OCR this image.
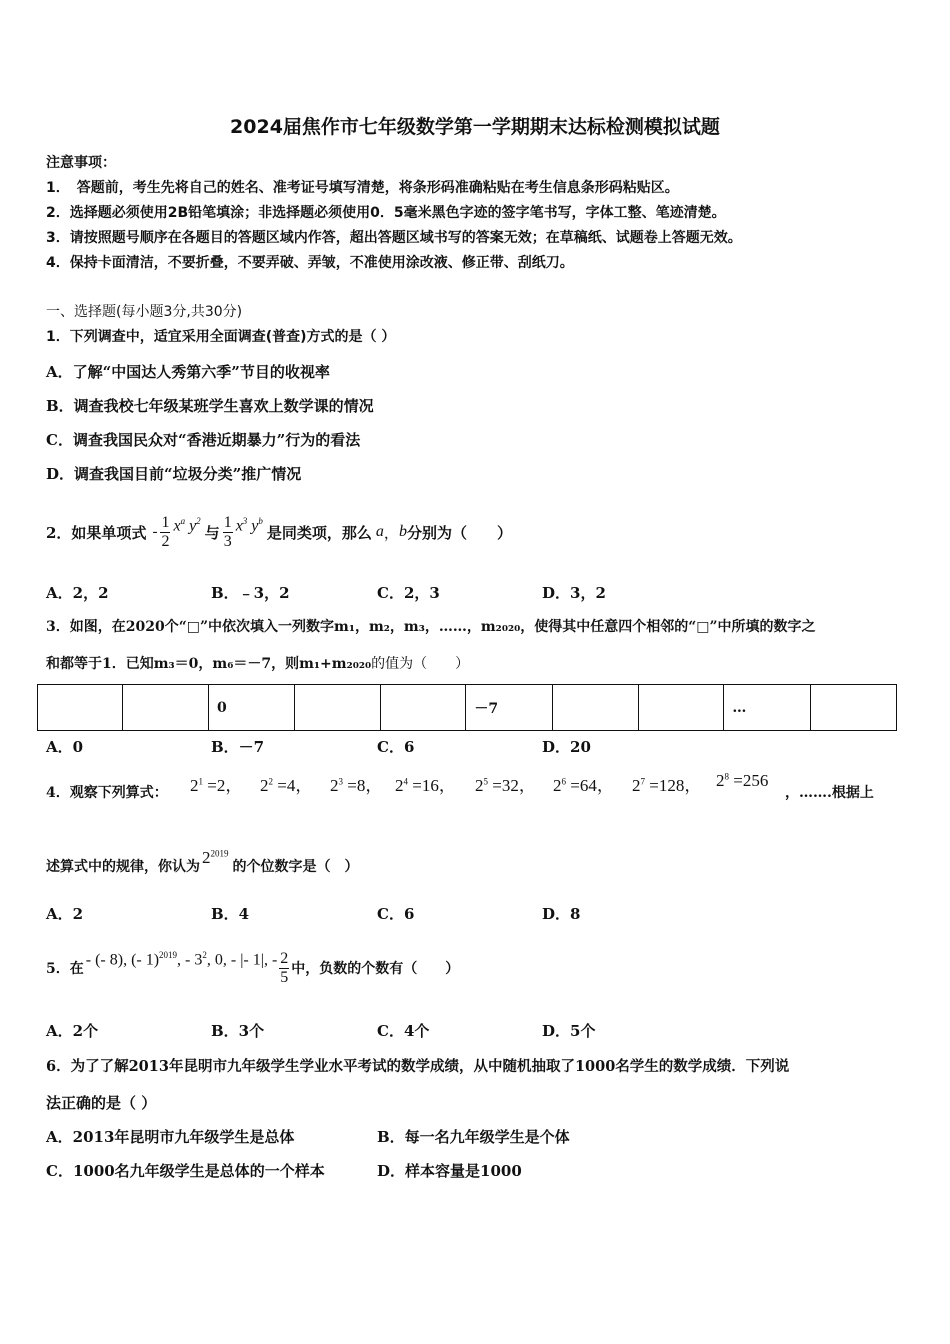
2024届焦作市七年级数学第一学期期末达标检测模拟试题
注意事项：
1．　答题前，考生先将自己的姓名、准考证号填写清楚，将条形码准确粘贴在考生信息条形码粘贴区。
2．选择题必须使用2B铅笔填涂；非选择题必须使用0．5毫米黑色字迹的签字笔书写，字体工整、笔迹清楚。
3．请按照题号顺序在各题目的答题区域内作答，超出答题区域书写的答案无效；在草稿纸、试题卷上答题无效。
4．保持卡面清洁，不要折叠，不要弄破、弄皱，不准使用涂改液、修正带、刮纸刀。
一、选择题(每小题3分,共30分)
1．下列调查中，适宜采用全面调查(普查)方式的是（ ）
A．了解“中国达人秀第六季”节目的收视率
B．调查我校七年级某班学生喜欢上数学课的情况
C．调查我国民众对“香港近期暴力”行为的看法
D．调查我国目前“垃圾分类”推广情况
2．如果单项式 - $\frac{1}{2} x^a$ $y^2$
与 $\frac{1}{3} x^3$ $y^b$
是同类项，那么 a ， b 分别为（　　）
A．2，2	B．﹣3，2	C．2，3	D．3，2
3．如图，在2020个“□”中依次填入一列数字m₁，m₂，m₃，……，m₂₀₂₀，使得其中任意四个相邻的“□”中所填的数字之
和都等于1．已知m₃＝0，m₆＝－7，则m₁+m₂₀₂₀的值为（　　）
		0			－7			…	
A．0	B．－7	C．6	D．20
4．观察下列算式： $2^1 =2$， $2^2 =4$， $2^3 =8$， $2^4 =16$， $2^5 =32$， $2^6 =64$， $2^7 =128$， $2^8 =256$
，…….根据上
述算式中的规律，你认为 $2^{2019}$的个位数字是（　）
A．2	B．4	C．6	D．8
5．在
- (- 8), (- 1)$^{2019}$, - $3^2$, 0, - |- 1|, - $\frac{2}{5}$ 中，负数的个数有（　　）
A．2个	B．3个	C．4个	D．5个
6．为了了解2013年昆明市九年级学生学业水平考试的数学成绩，从中随机抽取了1000名学生的数学成绩．下列说
法正确的是（ ）
A．2013年昆明市九年级学生是总体	B．每一名九年级学生是个体
C．1000名九年级学生是总体的一个样本	D．样本容量是1000
